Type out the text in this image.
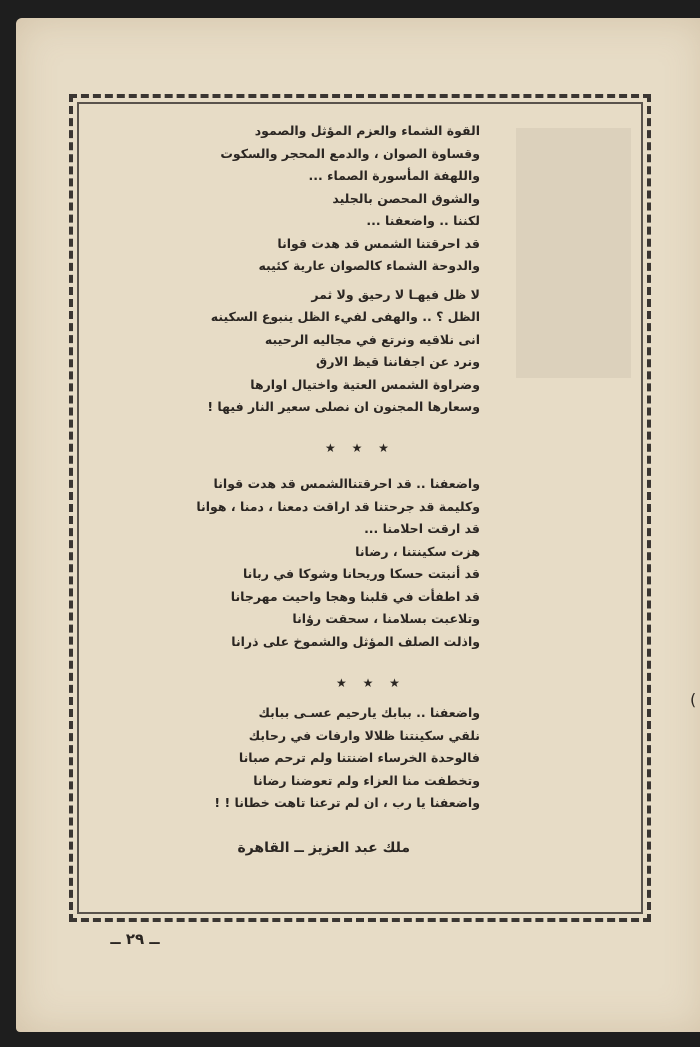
القوة الشماء والعزم المؤثل والصمود
وقساوة الصوان ، والدمع المحجر والسكوت
واللهفة المأسورة الصماء ...
والشوق المحصن بالجليد
لكننا .. واضعفنا ...
قد احرقتنا الشمس قد هدت قوانا
والدوحة الشماء كالصوان عارية كئيبه
لا ظل فيهـا لا رحيق ولا ثمر
الظل ؟ .. والهفى لفيء الظل ينبوع السكينه
انى نلاقيه ونرتع في مجاليه الرحيبه
ونرد عن اجفاننا قيظ الارق
وضراوة الشمس العتية واختيال اوارها
وسعارها المجنون ان نصلى سعير النار فيها !
★ ★ ★
واضعفنا .. قد احرقتناالشمس قد هدت قوانا
وكليمة قد جرحتنا قد اراقت دمعنا ، دمنا ، هوانا
قد ارقت احلامنا ...
هزت سكينتنا ، رضانا
قد أنبتت حسكا وريحانا وشوكا في ربانا
قد اطفأت في قلبنا وهجا واحيت مهرجانا
وتلاعبت بسلامنا ، سحقت رؤانا
واذلت الصلف المؤثل والشموخ على ذرانا
★ ★ ★
واضعفنا .. ببابك يارحيم عسـى ببابك
نلقي سكينتنا ظلالا وارفات في رحابك
فالوحدة الخرساء اضنتنا ولم ترحم صبانا
وتخطفت منا العزاء ولم تعوضنا رضانا
واضعفنا يا رب ، ان لم ترعنا تاهت خطانا ! !
ملك عبد العزيز ــ القاهرة
ــ ٢٩ ــ
(
